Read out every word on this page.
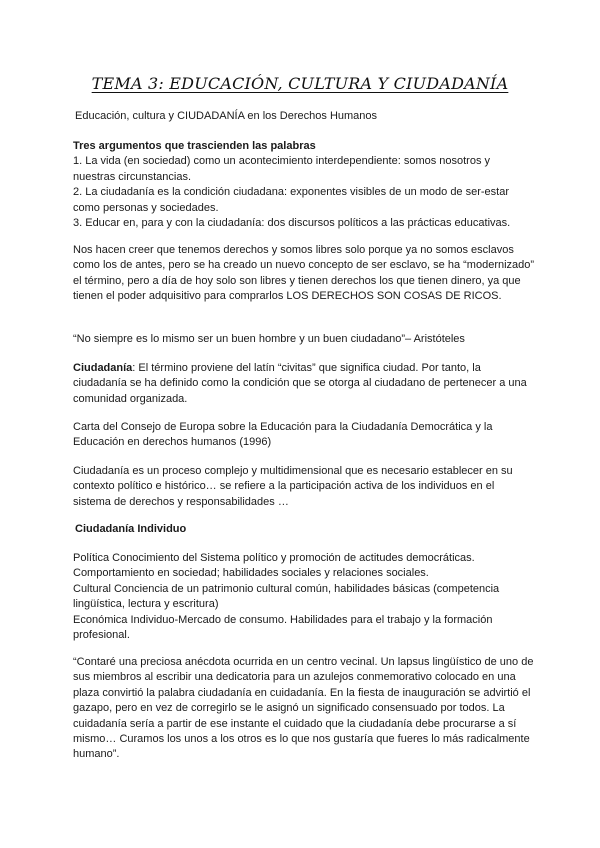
TEMA 3: EDUCACIÓN, CULTURA Y CIUDADANÍA

Educación, cultura y CIUDADANÍA en los Derechos Humanos

Tres argumentos que trascienden las palabras

1. La vida (en sociedad) como un acontecimiento interdependiente: somos nosotros y nuestras circunstancias.

2. La ciudadanía es la condición ciudadana: exponentes visibles de un modo de ser-estar como personas y sociedades.

3. Educar en, para y con la ciudadanía: dos discursos políticos a las prácticas educativas.

Nos hacen creer que tenemos derechos y somos libres solo porque ya no somos esclavos como los de antes, pero se ha creado un nuevo concepto de ser esclavo, se ha “modernizado” el término, pero a día de hoy solo son libres y tienen derechos los que tienen dinero, ya que tienen el poder adquisitivo para comprarlos LOS DERECHOS SON COSAS DE RICOS.

“No siempre es lo mismo ser un buen hombre y un buen ciudadano”– Aristóteles

Ciudadanía: El término proviene del latín “civitas” que significa ciudad. Por tanto, la ciudadanía se ha definido como la condición que se otorga al ciudadano de pertenecer a una comunidad organizada.

Carta del Consejo de Europa sobre la Educación para la Ciudadanía Democrática y la Educación en derechos humanos (1996)

Ciudadanía es un proceso complejo y multidimensional que es necesario establecer en su contexto político e histórico… se refiere a la participación activa de los individuos en el sistema de derechos y responsabilidades …

Ciudadanía Individuo

Política Conocimiento del Sistema político y promoción de actitudes democráticas. Comportamiento en sociedad; habilidades sociales y relaciones sociales.

Cultural Conciencia de un patrimonio cultural común, habilidades básicas (competencia lingüística, lectura y escritura)

Económica Individuo-Mercado de consumo. Habilidades para el trabajo y la formación profesional.

“Contaré una preciosa anécdota ocurrida en un centro vecinal. Un lapsus lingüístico de uno de sus miembros al escribir una dedicatoria para un azulejos conmemorativo colocado en una plaza convirtió la palabra ciudadanía en cuidadanía. En la fiesta de inauguración se advirtió el gazapo, pero en vez de corregirlo se le asignó un significado consensuado por todos. La cuidadanía sería a partir de ese instante el cuidado que la ciudadanía debe procurarse a sí mismo… Curamos los unos a los otros es lo que nos gustaría que fueres lo más radicalmente humano”.
